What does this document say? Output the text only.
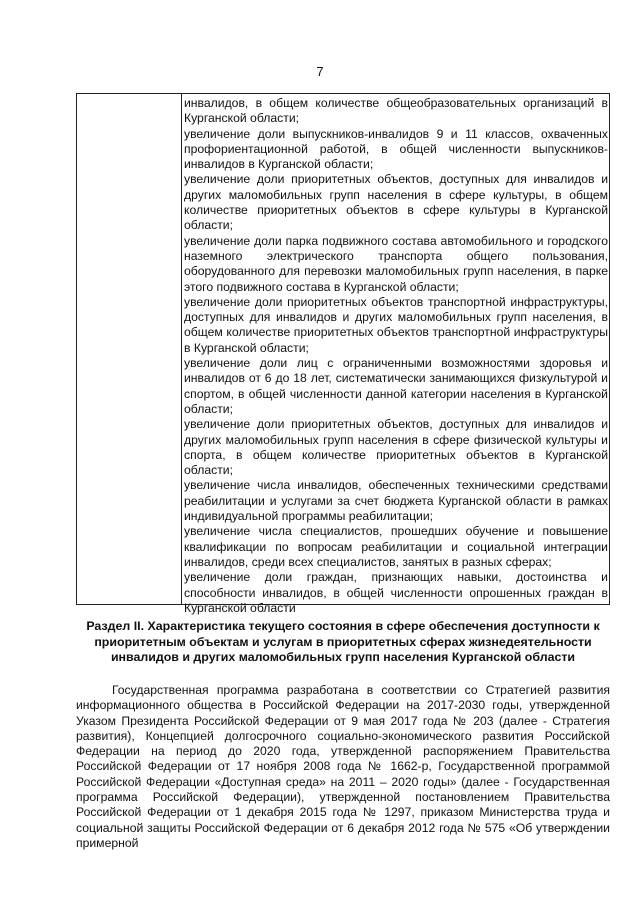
7

инвалидов, в общем количестве общеобразовательных организаций в Курганской области;

увеличение доли выпускников-инвалидов 9 и 11 классов, охваченных профориентационной работой, в общей численности выпускников-инвалидов в Курганской области;

увеличение доли приоритетных объектов, доступных для инвалидов и других маломобильных групп населения в сфере культуры, в общем количестве приоритетных объектов в сфере культуры в Курганской области;

увеличение доли парка подвижного состава автомобильного и городского наземного электрического транспорта общего пользования, оборудованного для перевозки маломобильных групп населения, в парке этого подвижного состава в Курганской области;

увеличение доли приоритетных объектов транспортной инфраструктуры, доступных для инвалидов и других маломобильных групп населения, в общем количестве приоритетных объектов транспортной инфраструктуры в Курганской области;

увеличение доли лиц с ограниченными возможностями здоровья и инвалидов от 6 до 18 лет, систематически занимающихся физкультурой и спортом, в общей численности данной категории населения в Курганской области;

увеличение доли приоритетных объектов, доступных для инвалидов и других маломобильных групп населения в сфере физической культуры и спорта, в общем количестве приоритетных объектов в Курганской области;

увеличение числа инвалидов, обеспеченных техническими средствами реабилитации и услугами за счет бюджета Курганской области в рамках индивидуальной программы реабилитации;

увеличение числа специалистов, прошедших обучение и повышение квалификации по вопросам реабилитации и социальной интеграции инвалидов, среди всех специалистов, занятых в разных сферах;

увеличение доли граждан, признающих навыки, достоинства и способности инвалидов, в общей численности опрошенных граждан в Курганской области

Раздел II. Характеристика текущего состояния в сфере обеспечения доступности к приоритетным объектам и услугам в приоритетных сферах жизнедеятельности инвалидов и других маломобильных групп населения Курганской области

Государственная программа разработана в соответствии со Стратегией развития информационного общества в Российской Федерации на 2017-2030 годы, утвержденной Указом Президента Российской Федерации от 9 мая 2017 года № 203 (далее - Стратегия развития), Концепцией долгосрочного социально-экономического развития Российской Федерации на период до 2020 года, утвержденной распоряжением Правительства Российской Федерации от 17 ноября 2008 года № 1662-р, Государственной программой Российской Федерации «Доступная среда» на 2011 – 2020 годы» (далее - Государственная программа Российской Федерации), утвержденной постановлением Правительства Российской Федерации от 1 декабря 2015 года № 1297, приказом Министерства труда и социальной защиты Российской Федерации от 6 декабря 2012 года № 575 «Об утверждении примерной
